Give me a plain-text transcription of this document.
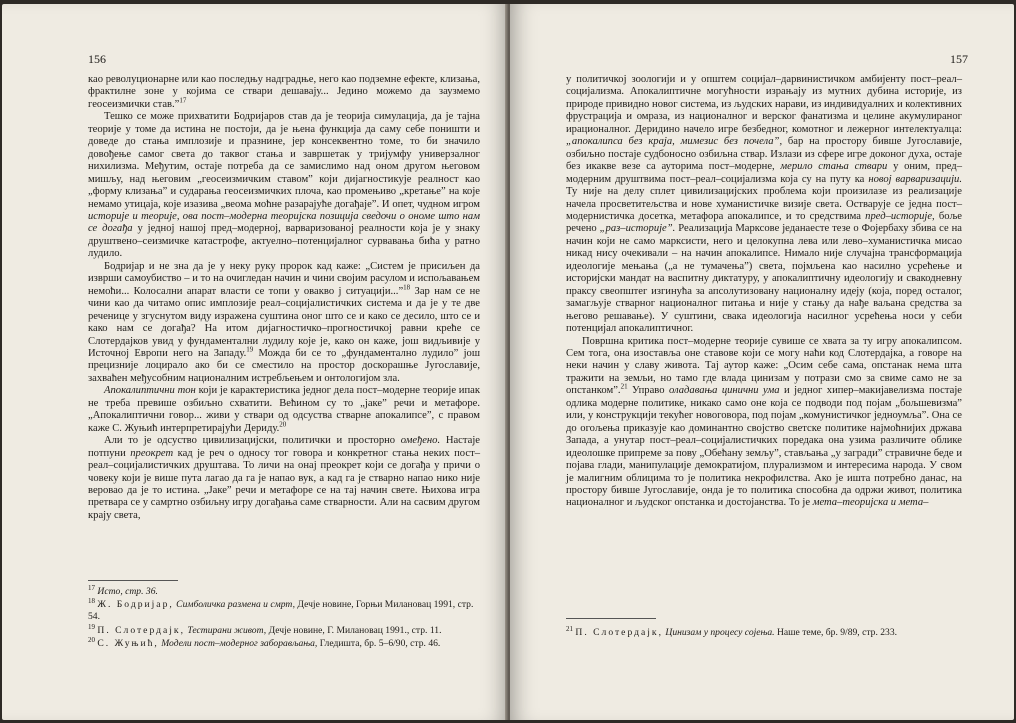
156

као револуционарне или као последњу надградње, него као подземне ефекте, клизања, фрактилне зоне у којима се ствари дешавају... Једино можемо да заузмемо геосеизмички став.”$^{17}$

Тешко се може прихватити Бодријаров став да је теорија симулација, да је тајна теорије у томе да истина не постоји, да је њена функција да саму себе поништи и доведе до стања имплозије и празнине, јер консеквентно томе, то би значило довођење самог света до таквог стања и завршетак у тријумфу универзалног нихилизма. Међутим, остаје потреба да се замислимо над оном другом његовом мишљу, над његовим „геосеизмичким ставом” који дијагностикује реалност као „форму клизања” и сударања геосеизмичких плоча, као промењиво „кретање” на које немамо утицаја, које изазива „веома моћне разарајуће догађаје”. И опет, чудном игром историје и теорије, ова пост–модерна теоријска позиција сведочи о ономе што нам се догађа у једној нашој пред–модерној, варваризованој реалности која је у знаку друштвено–сеизмичке катастрофе, актуелно–потенцијалног сурвавања бића у ратно лудило.

Бодријар и не зна да је у неку руку пророк кад каже: „Систем је присиљен да изврши самоубиство – и то на очигледан начин и чини својим расулом и испољавањем немоћи... Колосални апарат власти се топи у овакво ј ситуацији...”$^{18}$ Зар нам се не чини као да читамо опис имплозије реал–социјалистичких система и да је у те две реченице у згуснутом виду изражена суштина оног што се и како се десило, што се и како нам се догађа? На итом дијагностичко–прогностичкој равни креће се Слотердајков увид у фундаментални лудилу које је, како он каже, још видљивије у Источној Европи него на Западу.$^{19}$ Можда би се то „фундаментално лудило” још прецизније лоцирало ако би се сместило на простор доскорашње Југославије, захваћен међусобним националним истребљењем и онтологијом зла.

Апокалиптични тон који је карактеристика једног дела пост–модерне теорије ипак не треба превише озбиљно схватити. Већином су то „јаке” речи и метафоре. „Апокалиптични говор... живи у ствари од одсуства стварне апокалипсе”, с правом каже С. Жуњић интерпретирајући Дериду.$^{20}$

Али то је одсуство цивилизацијски, политички и просторно омеђено. Настаје потпуни преокрет кад је реч о односу тог говора и конкретног стања неких пост–реал–социјалистичких друштава. То личи на онај преокрет који се догађа у причи о човеку који је више пута лагао да га је напао вук, а кад га је стварно напао нико није веровао да је то истина. „Јаке” речи и метафоре се на тај начин свете. Њихова игра претвара се у самртно озбиљну игру догађања саме стварности. Али на сасвим другом крају света,

$^{17}$ Исто, стр. 36.
$^{18}$ Ж. Бодријар, Симболичка размена и смрт, Дечје новине, Горњи Милановац 1991, стр. 54.
$^{19}$ П. Слотердајк, Тестирани живот, Дечје новине, Г. Милановац 1991., стр. 11.
$^{20}$ С. Жуњић, Модели пост–модерног заборављања, Гледишта, бр. 5–6/90, стр. 46.
157

у политичкој зоологији и у општем социјал–дарвинистичком амбијенту пост–реал–социјализма. Апокалиптичне могућности израњају из мутних дубина историје, из природе привидно новог система, из људских нарави, из индивидуалних и колективних фрустрација и омраза, из националног и верског фанатизма и целине акумулираног ирационалног. Деридино начело игре безбедног, комотног и лежерног интелектуалца: „апокалипса без краја, мимезис без почела”, бар на простору бивше Југославије, озбиљно постаје судбоносно озбиљна ствар. Излази из сфере игре доконог духа, остаје без икакве везе са ауторима пост–модерне, мерило стања ствари у оним, пред–модерним друштвима пост–реал–социјализма која су на путу ка новој варваризацији. Ту није на делу сплет цивилизацијских проблема који произилазе из реализације начела просветитељства и нове хуманистичке визије света. Остварује се једна пост–модернистичка досетка, метафора апокалипсе, и то средствима пред–историје, боље речено „раз–историје”. Реализација Марксове једанаесте тезе о Фојербаху збива се на начин који не само марксисти, него и целокупна лева или лево–хуманистичка мисао никад нису очекивали – на начин апокалипсе. Нимало није случајна трансформација идеологије мењања („а не тумачења”) света, појмљена као насилно усрећење и историјски мандат на васпитну диктатуру, у апокалиптичну идеологију и свакодневну праксу свеопштег изгинућа за апсолутизовану националну идеју (која, поред осталог, замагљује стварног националног питања и није у стању да нађе ваљана средства за његово решавање). У суштини, свака идеологија насилног усрећења носи у себи потенцијал апокалиптичног.

Површна критика пост–модерне теорије сувише се хвата за ту игру апокалипсом. Сем тога, она изоставља оне ставове који се могу наћи код Слотердајка, а говоре на неки начин у славу живота. Тај аутор каже: „Осим себе сама, опстанак нема шта тражити на земљи, но тамо где влада цинизам у потрази смо за свиме само не за опстанком”.$^{21}$ Управо оладавања цинични ума и једног хипер–макијавелизма постаје одлика модерне политике, никако само оне која се подводи под појам „бољшевизма” или, у конструкцији текућег новоговора, под појам „комунистичког једноумља”. Она се до огољења приказује као доминантно својство светске политике најмоћнијих држава Запада, а унутар пост–реал–социјалистичких поредака она узима различите облике идеолошке припреме за пову „Обећану земљу”, стављања „у загради” стравичне беде и појава глади, манипулације демократијом, плурализмом и интересима народа. У свом је малигним облицима то је политика некрофилства. Ако је ишта потребно данас, на простору бивше Југославије, онда је то политика спосо6на да одржи живот, политика националног и људског опстанка и достојанства. То је мета–теоријска и мета–

$^{21}$ П. Слотердајк, Цинизам у процесу сојења. Наше теме, бр. 9/89, стр. 233.
